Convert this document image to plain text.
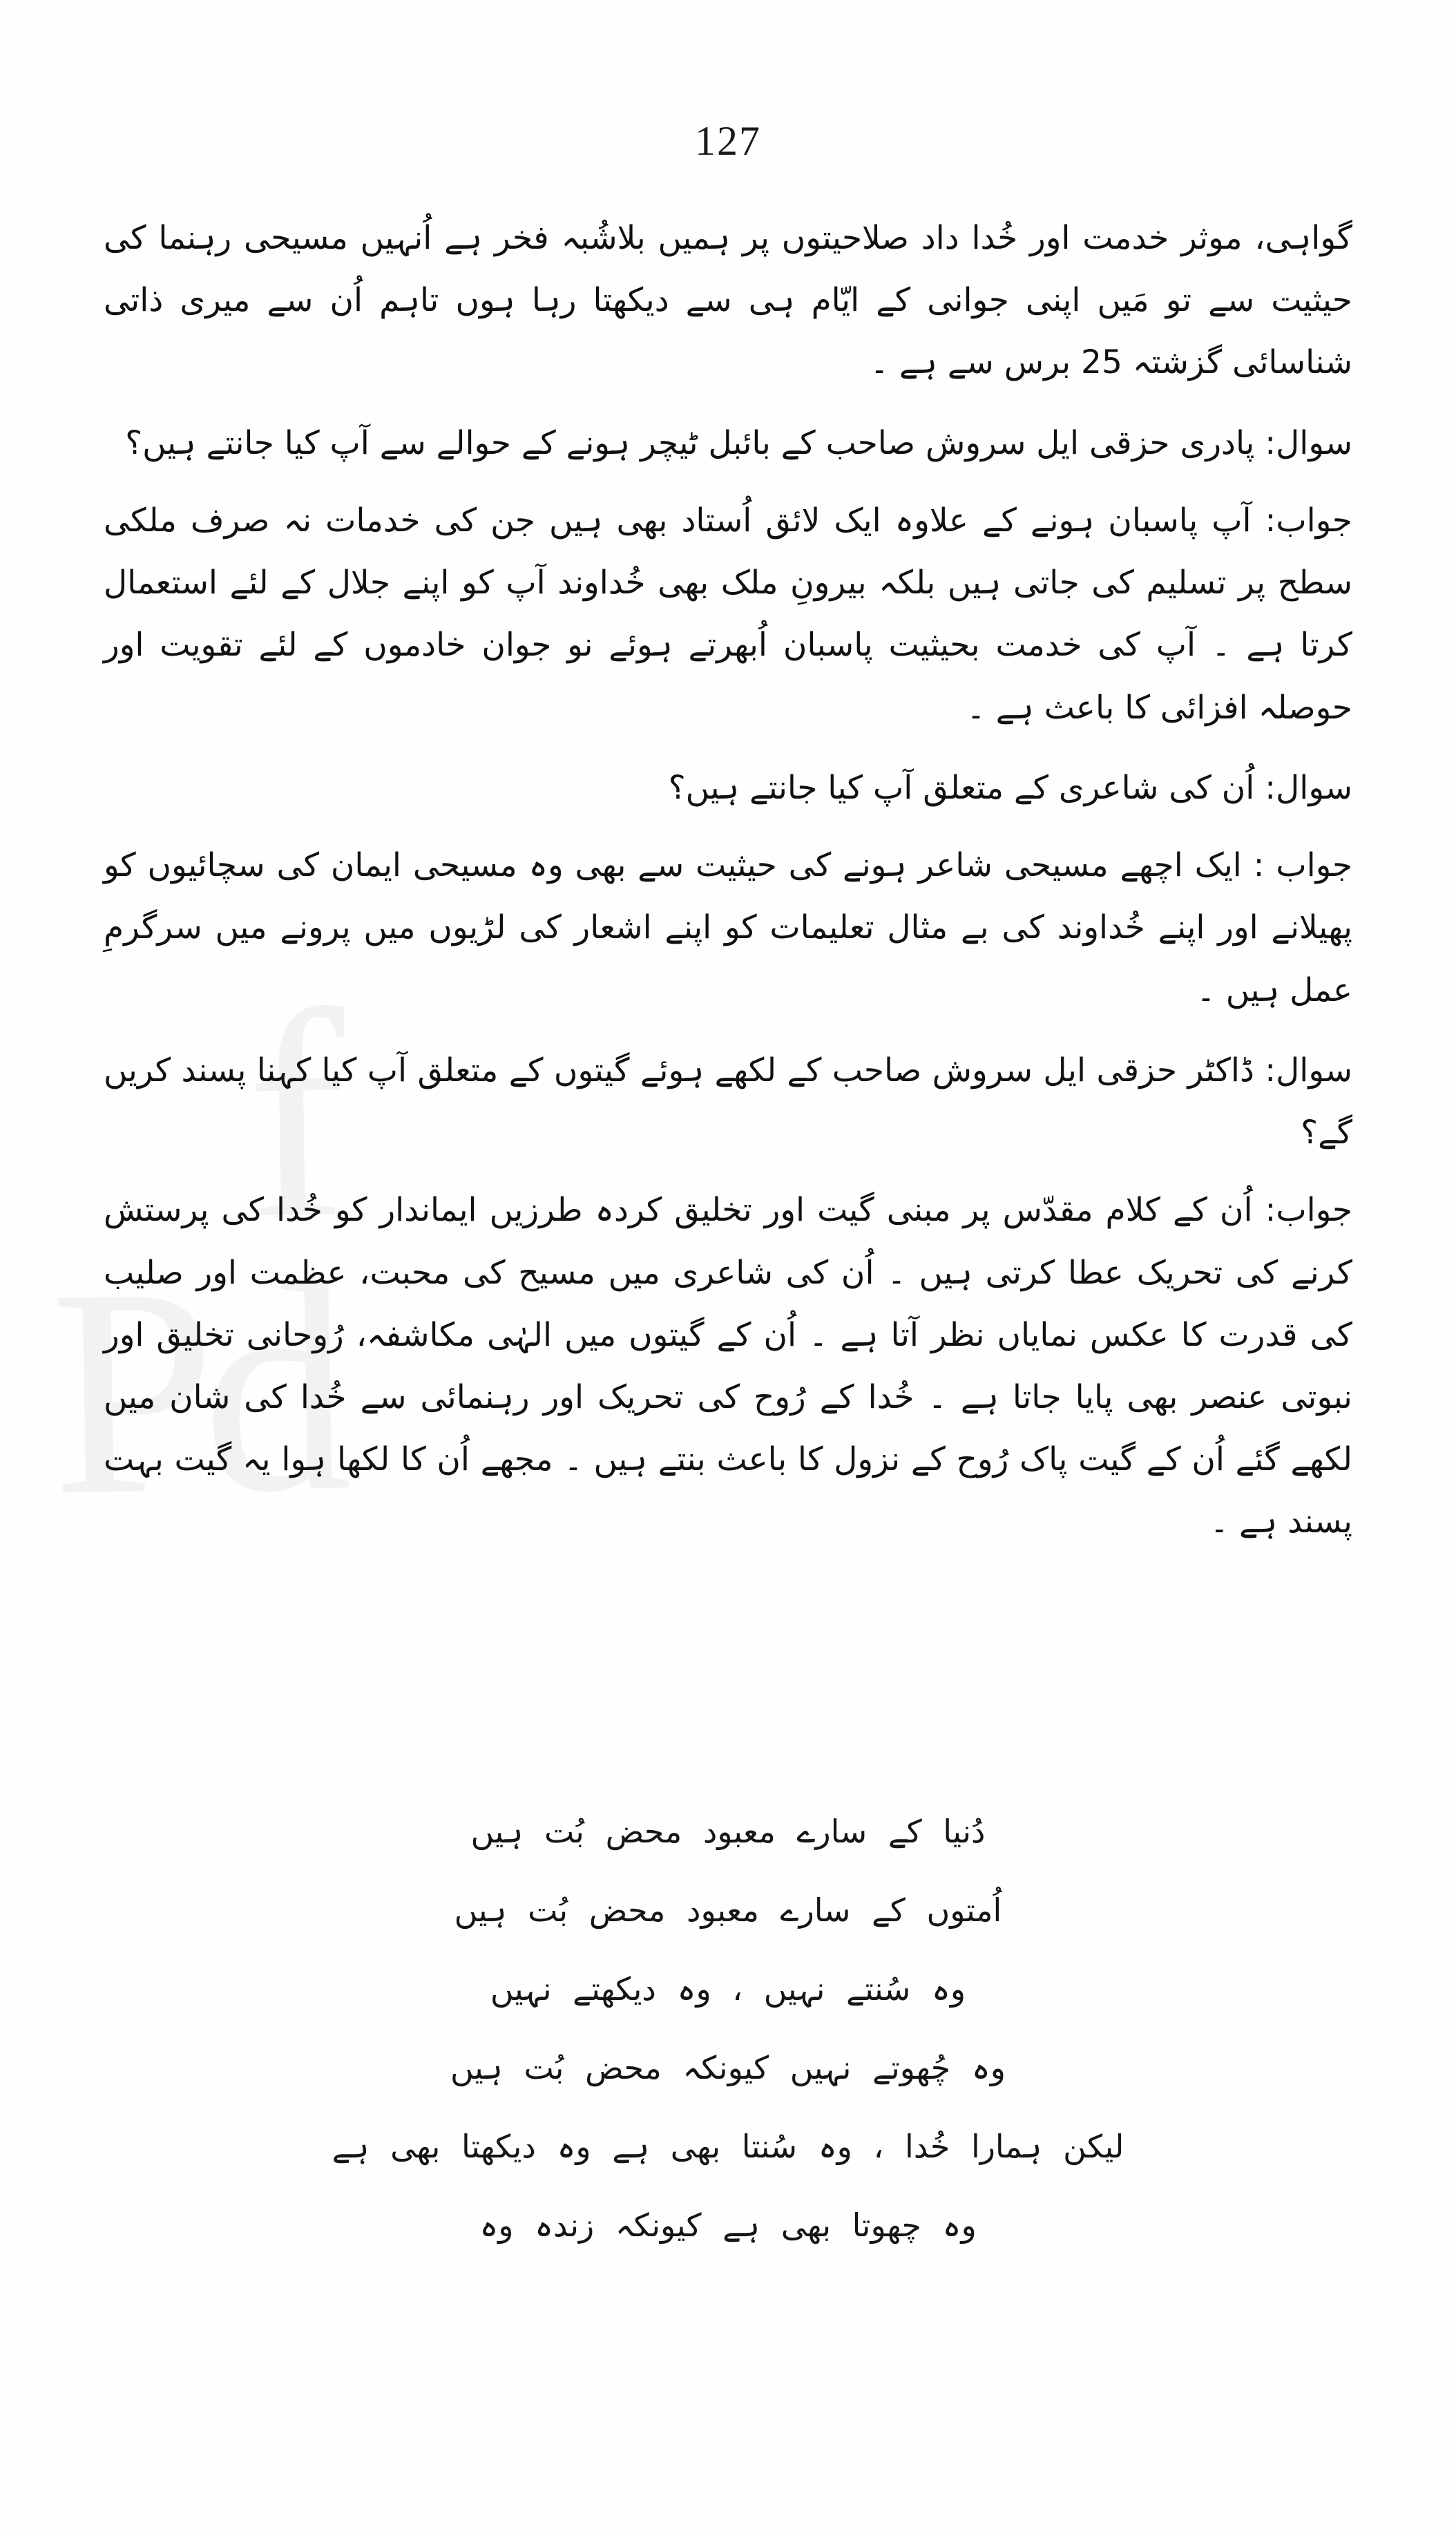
127

گواہی، موثر خدمت اور خُدا داد صلاحیتوں پر ہمیں بلاشُبہ فخر ہے اُنہیں مسیحی رہنما کی حیثیت سے تو مَیں اپنی جوانی کے ایّام ہی سے دیکھتا رہا ہوں تاہم اُن سے میری ذاتی شناسائی گزشتہ 25 برس سے ہے ۔

سوال: پادری حزقی ایل سروش صاحب کے بائبل ٹیچر ہونے کے حوالے سے آپ کیا جانتے ہیں؟

جواب: آپ پاسبان ہونے کے علاوہ ایک لائق اُستاد بھی ہیں جن کی خدمات نہ صرف ملکی سطح پر تسلیم کی جاتی ہیں بلکہ بیرونِ ملک بھی خُداوند آپ کو اپنے جلال کے لئے استعمال کرتا ہے ۔ آپ کی خدمت بحیثیت پاسبان اُبھرتے ہوئے نو جوان خادموں کے لئے تقویت اور حوصلہ افزائی کا باعث ہے ۔

سوال: اُن کی شاعری کے متعلق آپ کیا جانتے ہیں؟

جواب : ایک اچھے مسیحی شاعر ہونے کی حیثیت سے بھی وہ مسیحی ایمان کی سچائیوں کو پھیلانے اور اپنے خُداوند کی بے مثال تعلیمات کو اپنے اشعار کی لڑیوں میں پرونے میں سرگرمِ عمل ہیں ۔

سوال: ڈاکٹر حزقی ایل سروش صاحب کے لکھے ہوئے گیتوں کے متعلق آپ کیا کہنا پسند کریں گے؟

جواب: اُن کے کلام مقدّس پر مبنی گیت اور تخلیق کردہ طرزیں ایماندار کو خُدا کی پرستش کرنے کی تحریک عطا کرتی ہیں ۔ اُن کی شاعری میں مسیح کی محبت، عظمت اور صلیب کی قدرت کا عکس نمایاں نظر آتا ہے ۔ اُن کے گیتوں میں الہٰی مکاشفہ، رُوحانی تخلیق اور نبوتی عنصر بھی پایا جاتا ہے ۔ خُدا کے رُوح کی تحریک اور رہنمائی سے خُدا کی شان میں لکھے گئے اُن کے گیت پاک رُوح کے نزول کا باعث بنتے ہیں ۔ مجھے اُن کا لکھا ہوا یہ گیت بہت پسند ہے ۔

دُنیا کے سارے معبود محض بُت ہیں

اُمتوں کے سارے معبود محض بُت ہیں

وہ سُنتے نہیں ، وہ دیکھتے نہیں

وہ چُھوتے نہیں کیونکہ محض بُت ہیں

لیکن ہمارا خُدا ، وہ سُنتا بھی ہے وہ دیکھتا بھی ہے

وہ چھوتا بھی ہے کیونکہ زندہ وہ
